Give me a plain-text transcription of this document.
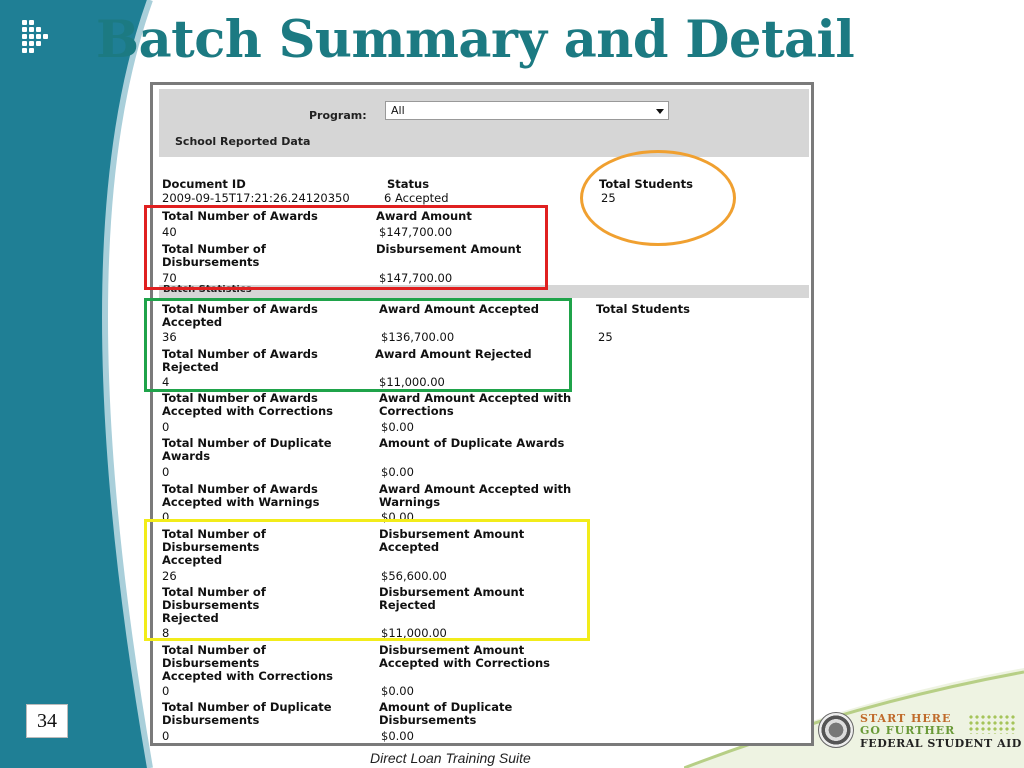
Batch Summary and Detail
Program:	All
School Reported Data
Document ID
2009-09-15T17:21:26.24120350
Status
6 Accepted
Total Students
25
Total Number of Awards
40
Award Amount
$147,700.00
Total Number of
Disbursements
70
Disbursement Amount
$147,700.00
Batch Statistics
Total Number of Awards
Accepted
36
Award Amount Accepted
$136,700.00
Total Students
25
Total Number of Awards
Rejected
4
Award Amount Rejected
$11,000.00
Total Number of Awards
Accepted with Corrections
0
Award Amount Accepted with
Corrections
$0.00
Total Number of Duplicate
Awards
0
Amount of Duplicate Awards
$0.00
Total Number of Awards
Accepted with Warnings
0
Award Amount Accepted with
Warnings
$0.00
Total Number of
Disbursements
Accepted
26
Disbursement Amount
Accepted
$56,600.00
Total Number of
Disbursements
Rejected
8
Disbursement Amount
Rejected
$11,000.00
Total Number of
Disbursements
Accepted with Corrections
0
Disbursement Amount
Accepted with Corrections
$0.00
Total Number of Duplicate
Disbursements
0
Amount of Duplicate
Disbursements
$0.00
34
Direct Loan Training Suite
START HERE
GO FURTHER
FEDERAL STUDENT AID
